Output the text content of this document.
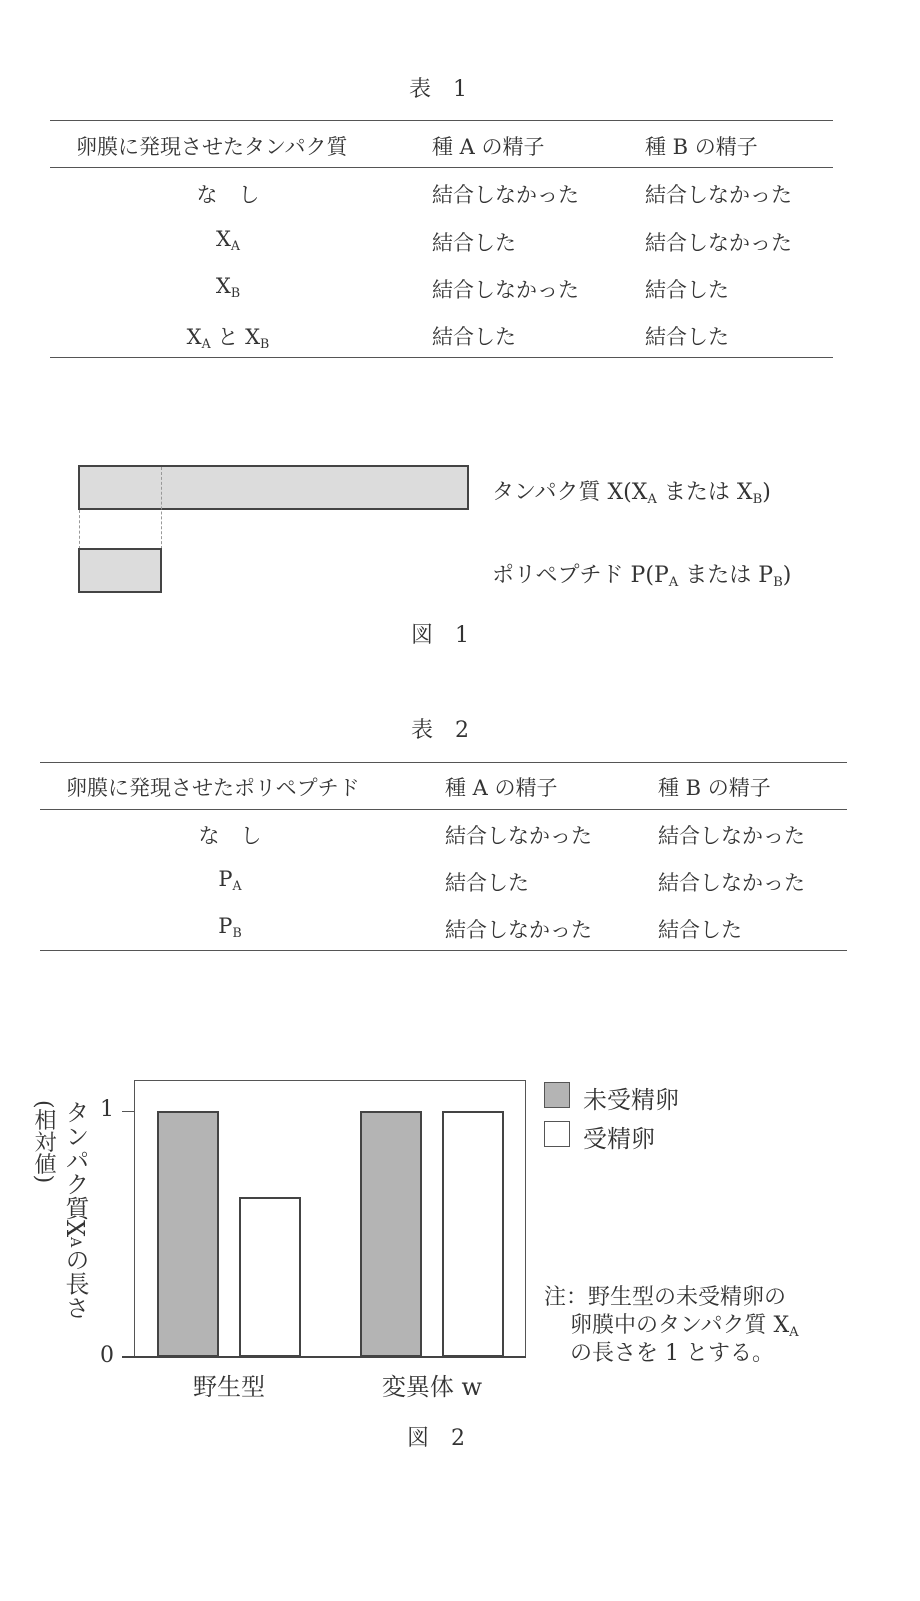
表　1
卵膜に発現させたタンパク質	種 A の精子	種 B の精子
な　し	結合しなかった	結合しなかった
$X_A$	結合した	結合しなかった
$X_B$	結合しなかった	結合した
$X_A$ と $X_B$	結合した	結合した
タンパク質 $X(X_A$ または $X_B$)
ポリペプチド $P(P_A$ または $P_B$)
図　1
表　2
卵膜に発現させたポリペプチド	種 A の精子	種 B の精子
な　し	結合しなかった	結合しなかった
$P_A$	結合した	結合しなかった
$P_B$	結合しなかった	結合した
1
0
タンパク質XAの長さ
(相対値)
野生型	変異体 w
未受精卵
受精卵
注：野生型の未受精卵の
卵膜中のタンパク質 $X_A$
の長さを 1 とする。
図　2
